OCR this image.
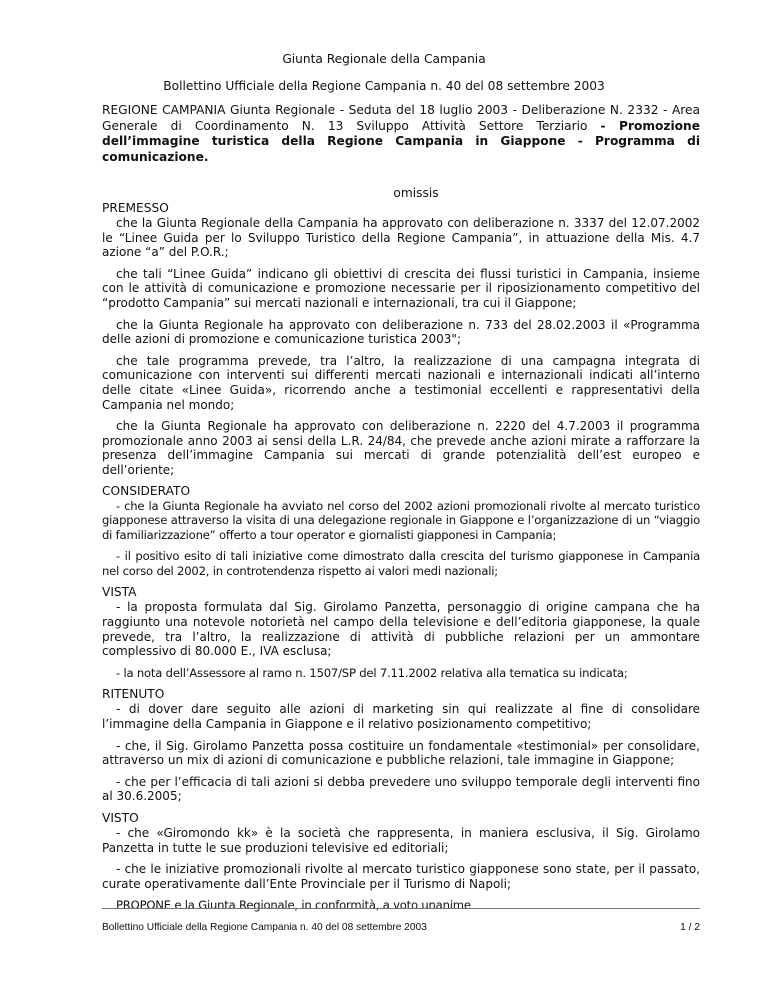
Giunta Regionale della Campania
Bollettino Ufficiale della Regione Campania n. 40 del 08 settembre 2003

REGIONE CAMPANIA Giunta Regionale - Seduta del 18 luglio 2003 - Deliberazione N. 2332 - Area Generale di Coordinamento N. 13 Sviluppo Attività Settore Terziario - Promozione dell’immagine turistica della Regione Campania in Giappone - Programma di comunicazione.

omissis
PREMESSO

che la Giunta Regionale della Campania ha approvato con deliberazione n. 3337 del 12.07.2002 le “Linee Guida per lo Sviluppo Turistico della Regione Campania”, in attuazione della Mis. 4.7 azione “a” del P.O.R.;

che tali “Linee Guida” indicano gli obiettivi di crescita dei flussi turistici in Campania, insieme con le attività di comunicazione e promozione necessarie per il riposizionamento competitivo del “prodotto Campania” sui mercati nazionali e internazionali, tra cui il Giappone;

che la Giunta Regionale ha approvato con deliberazione n. 733 del 28.02.2003 il «Programma delle azioni di promozione e comunicazione turistica 2003";

che tale programma prevede, tra l’altro, la realizzazione di una campagna integrata di comunicazione con interventi sui differenti mercati nazionali e internazionali indicati all’interno delle citate «Linee Guida», ricorrendo anche a testimonial eccellenti e rappresentativi della Campania nel mondo;

che la Giunta Regionale ha approvato con deliberazione n. 2220 del 4.7.2003 il programma promozionale anno 2003 ai sensi della L.R. 24/84, che prevede anche azioni mirate a rafforzare la presenza dell’immagine Campania sui mercati di grande potenzialità dell’est europeo e dell’oriente;

CONSIDERATO

- che la Giunta Regionale ha avviato nel corso del 2002 azioni promozionali rivolte al mercato turistico giapponese attraverso la visita di una delegazione regionale in Giappone e l’organizzazione di un “viaggio di familiarizzazione” offerto a tour operator e giornalisti giapponesi in Campania;

- il positivo esito di tali iniziative come dimostrato dalla crescita del turismo giapponese in Campania nel corso del 2002, in controtendenza rispetto ai valori medi nazionali;

VISTA

- la proposta formulata dal Sig. Girolamo Panzetta, personaggio di origine campana che ha raggiunto una notevole notorietà nel campo della televisione e dell’editoria giapponese, la quale prevede, tra l’altro, la realizzazione di attività di pubbliche relazioni per un ammontare complessivo di 80.000 E., IVA esclusa;

- la nota dell’Assessore al ramo n. 1507/SP del 7.11.2002 relativa alla tematica su indicata;

RITENUTO

- di dover dare seguito alle azioni di marketing sin qui realizzate al fine di consolidare l’immagine della Campania in Giappone e il relativo posizionamento competitivo;

- che, il Sig. Girolamo Panzetta possa costituire un fondamentale «testimonial» per consolidare, attraverso un mix di azioni di comunicazione e pubbliche relazioni, tale immagine in Giappone;

- che per l’efficacia di tali azioni si debba prevedere uno sviluppo temporale degli interventi fino al 30.6.2005;

VISTO

- che «Giromondo kk» è la società che rappresenta, in maniera esclusiva, il Sig. Girolamo Panzetta in tutte le sue produzioni televisive ed editoriali;

- che le iniziative promozionali rivolte al mercato turistico giapponese sono state, per il passato, curate operativamente dall’Ente Provinciale per il Turismo di Napoli;

PROPONE e la Giunta Regionale, in conformità, a voto unanime

Bollettino Ufficiale della Regione Campania n. 40 del 08 settembre 2003	1 / 2
